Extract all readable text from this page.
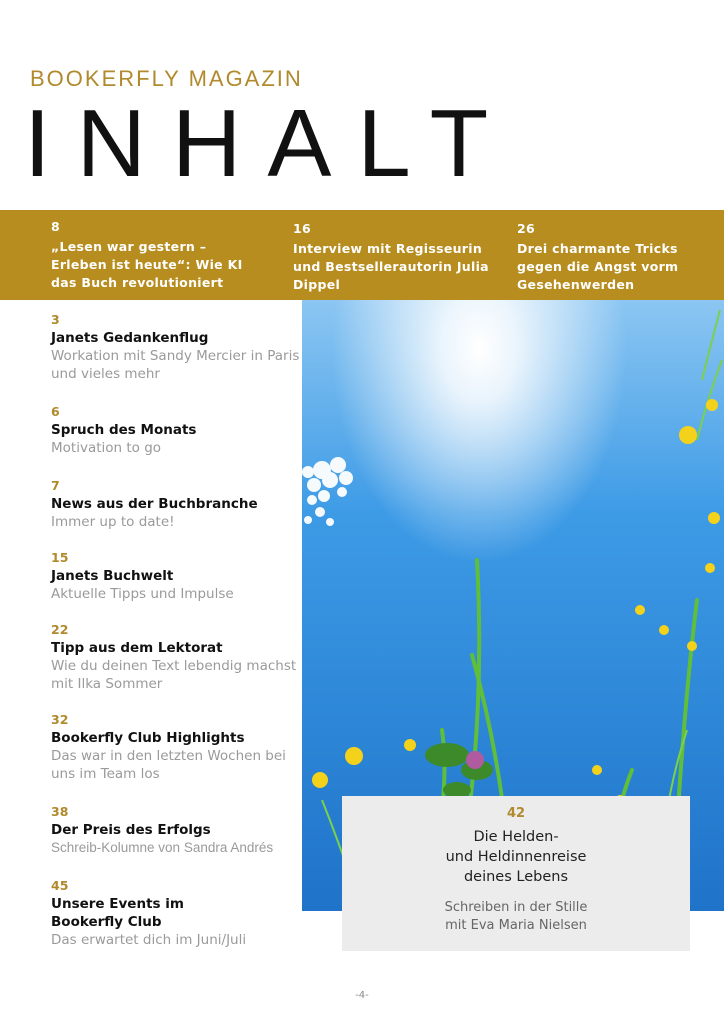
BOOKERFLY MAGAZIN
INHALT
8
„Lesen war gestern – Erleben ist heute“: Wie KI das Buch revolutioniert
16
Interview mit Regisseurin und Bestsellerautorin Julia Dippel
26
Drei charmante Tricks gegen die Angst vorm Gesehenwerden
3
Janets Gedankenflug
Workation mit Sandy Mercier in Paris und vieles mehr
6
Spruch des Monats
Motivation to go
7
News aus der Buchbranche
Immer up to date!
15
Janets Buchwelt
Aktuelle Tipps und Impulse
22
Tipp aus dem Lektorat
Wie du deinen Text lebendig machst mit Ilka Sommer
32
Bookerfly Club Highlights
Das war in den letzten Wochen bei uns im Team los
38
Der Preis des Erfolgs
Schreib-Kolumne von Sandra Andrés
45
Unsere Events im Bookerfly Club
Das erwartet dich im Juni/Juli
42
Die Helden-
und Heldinnenreise
deines Lebens
Schreiben in der Stille
mit Eva Maria Nielsen
-4-
